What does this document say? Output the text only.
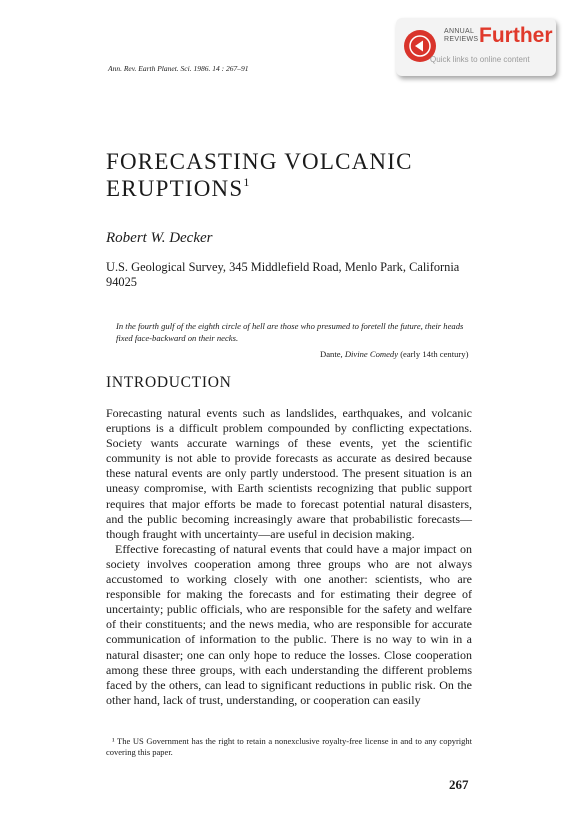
ANNUAL
REVIEWS Further
Quick links to online content
Ann. Rev. Earth Planet. Sci. 1986. 14 : 267–91
FORECASTING VOLCANIC
ERUPTIONS$^1$
Robert W. Decker
U.S. Geological Survey, 345 Middlefield Road, Menlo Park, California 94025
In the fourth gulf of the eighth circle of hell are those who presumed to foretell the future, their heads fixed face-backward on their necks.
Dante, Divine Comedy (early 14th century)
INTRODUCTION

Forecasting natural events such as landslides, earthquakes, and volcanic eruptions is a difficult problem compounded by conflicting expectations. Society wants accurate warnings of these events, yet the scientific community is not able to provide forecasts as accurate as desired because these natural events are only partly understood. The present situation is an uneasy compromise, with Earth scientists recognizing that public support requires that major efforts be made to forecast potential natural disasters, and the public becoming increasingly aware that probabilistic forecasts—though fraught with uncertainty—are useful in decision making.

Effective forecasting of natural events that could have a major impact on society involves cooperation among three groups who are not always accustomed to working closely with one another: scientists, who are responsible for making the forecasts and for estimating their degree of uncertainty; public officials, who are responsible for the safety and welfare of their constituents; and the news media, who are responsible for accurate communication of information to the public. There is no way to win in a natural disaster; one can only hope to reduce the losses. Close cooperation among these three groups, with each understanding the different problems faced by the others, can lead to significant reductions in public risk. On the other hand, lack of trust, understanding, or cooperation can easily

¹ The US Government has the right to retain a nonexclusive royalty-free license in and to any copyright covering this paper.
267
